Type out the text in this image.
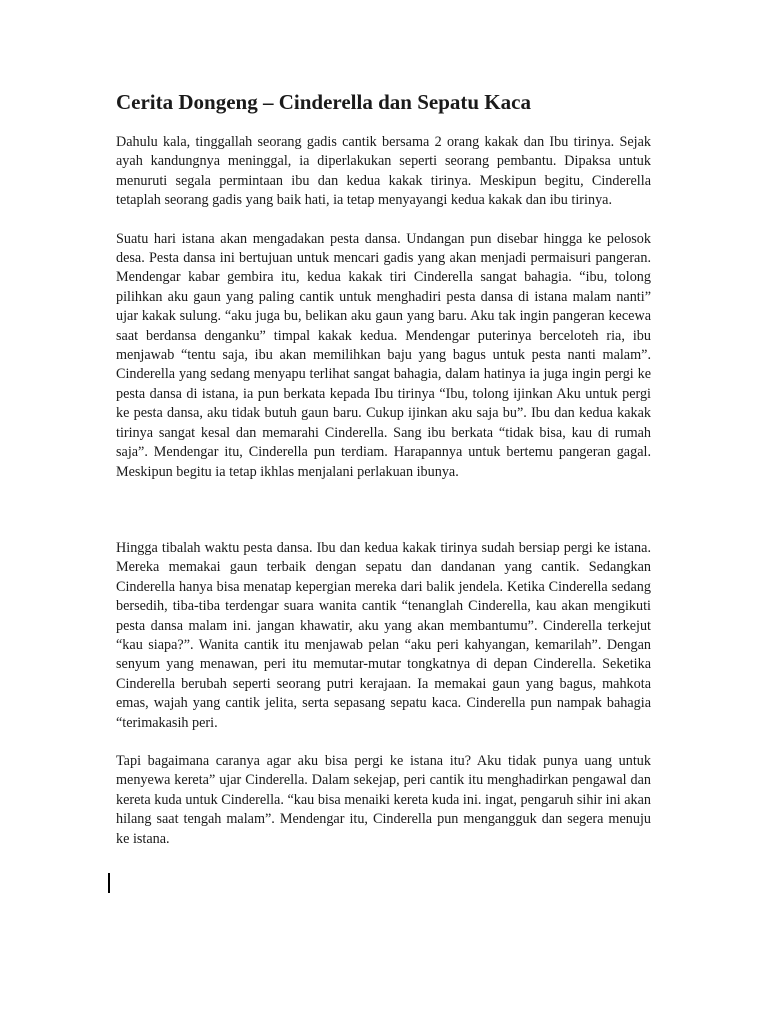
Cerita Dongeng – Cinderella dan Sepatu Kaca

Dahulu kala, tinggallah seorang gadis cantik bersama 2 orang kakak dan Ibu tirinya. Sejak ayah kandungnya meninggal, ia diperlakukan seperti seorang pembantu. Dipaksa untuk menuruti segala permintaan ibu dan kedua kakak tirinya. Meskipun begitu, Cinderella tetaplah seorang gadis yang baik hati, ia tetap menyayangi kedua kakak dan ibu tirinya.

Suatu hari istana akan mengadakan pesta dansa. Undangan pun disebar hingga ke pelosok desa. Pesta dansa ini bertujuan untuk mencari gadis yang akan menjadi permaisuri pangeran. Mendengar kabar gembira itu, kedua kakak tiri Cinderella sangat bahagia. “ibu, tolong pilihkan aku gaun yang paling cantik untuk menghadiri pesta dansa di istana malam nanti” ujar kakak sulung. “aku juga bu, belikan aku gaun yang baru. Aku tak ingin pangeran kecewa saat berdansa denganku” timpal kakak kedua. Mendengar puterinya berceloteh ria, ibu menjawab “tentu saja, ibu akan memilihkan baju yang bagus untuk pesta nanti malam”. Cinderella yang sedang menyapu terlihat sangat bahagia, dalam hatinya ia juga ingin pergi ke pesta dansa di istana, ia pun berkata kepada Ibu tirinya “Ibu, tolong ijinkan Aku untuk pergi ke pesta dansa, aku tidak butuh gaun baru. Cukup ijinkan aku saja bu”. Ibu dan kedua kakak tirinya sangat kesal dan memarahi Cinderella. Sang ibu berkata “tidak bisa, kau di rumah saja”. Mendengar itu, Cinderella pun terdiam. Harapannya untuk bertemu pangeran gagal. Meskipun begitu ia tetap ikhlas menjalani perlakuan ibunya.

Hingga tibalah waktu pesta dansa. Ibu dan kedua kakak tirinya sudah bersiap pergi ke istana. Mereka memakai gaun terbaik dengan sepatu dan dandanan yang cantik. Sedangkan Cinderella hanya bisa menatap kepergian mereka dari balik jendela. Ketika Cinderella sedang bersedih, tiba-tiba terdengar suara wanita cantik “tenanglah Cinderella, kau akan mengikuti pesta dansa malam ini. jangan khawatir, aku yang akan membantumu”. Cinderella terkejut “kau siapa?”. Wanita cantik itu menjawab pelan “aku peri kahyangan, kemarilah”. Dengan senyum yang menawan, peri itu memutar-mutar tongkatnya di depan Cinderella. Seketika Cinderella berubah seperti seorang putri kerajaan. Ia memakai gaun yang bagus, mahkota emas, wajah yang cantik jelita, serta sepasang sepatu kaca. Cinderella pun nampak bahagia “terimakasih peri.

Tapi bagaimana caranya agar aku bisa pergi ke istana itu? Aku tidak punya uang untuk menyewa kereta” ujar Cinderella. Dalam sekejap, peri cantik itu menghadirkan pengawal dan kereta kuda untuk Cinderella. “kau bisa menaiki kereta kuda ini. ingat, pengaruh sihir ini akan hilang saat tengah malam”. Mendengar itu, Cinderella pun mengangguk dan segera menuju ke istana.
